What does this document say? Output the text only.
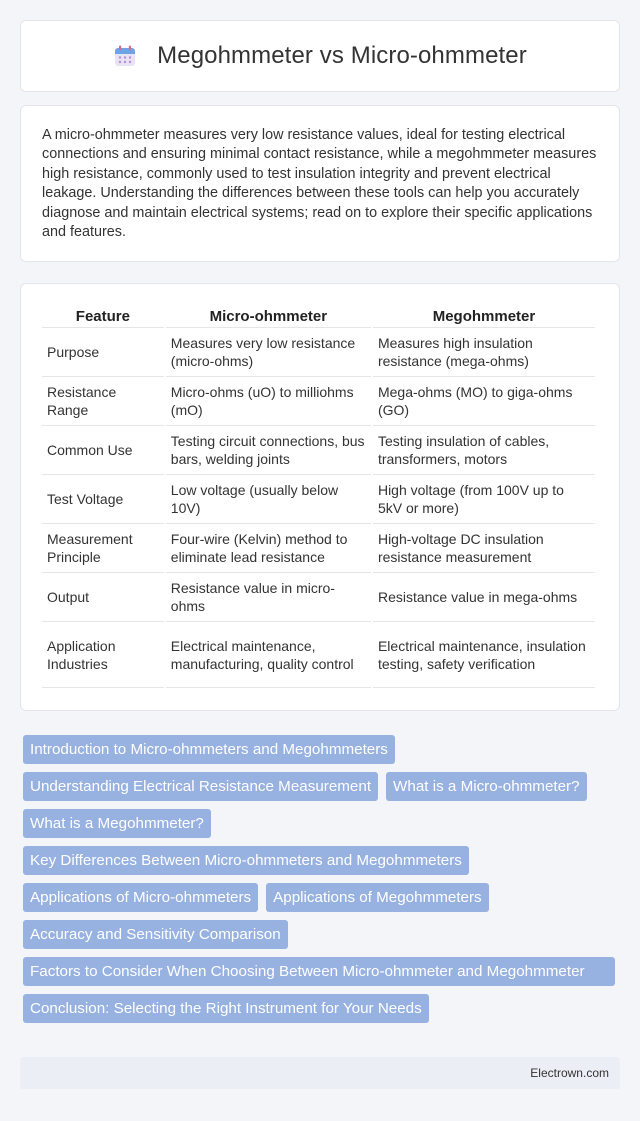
Megohmmeter vs Micro-ohmmeter

A micro-ohmmeter measures very low resistance values, ideal for testing electrical connections and ensuring minimal contact resistance, while a megohmmeter measures high resistance, commonly used to test insulation integrity and prevent electrical leakage. Understanding the differences between these tools can help you accurately diagnose and maintain electrical systems; read on to explore their specific applications and features.

Feature	Micro-ohmmeter	Megohmmeter
Purpose	Measures very low resistance (micro-ohms)	Measures high insulation resistance (mega-ohms)
Resistance Range	Micro-ohms (uO) to milliohms (mO)	Mega-ohms (MO) to giga-ohms (GO)
Common Use	Testing circuit connections, bus bars, welding joints	Testing insulation of cables, transformers, motors
Test Voltage	Low voltage (usually below 10V)	High voltage (from 100V up to 5kV or more)
Measurement Principle	Four-wire (Kelvin) method to eliminate lead resistance	High-voltage DC insulation resistance measurement
Output	Resistance value in micro-ohms	Resistance value in mega-ohms
Application Industries	Electrical maintenance, manufacturing, quality control	Electrical maintenance, insulation testing, safety verification
Introduction to Micro-ohmmeters and Megohmmeters
Understanding Electrical Resistance Measurement	What is a Micro-ohmmeter?
What is a Megohmmeter?
Key Differences Between Micro-ohmmeters and Megohmmeters
Applications of Micro-ohmmeters	Applications of Megohmmeters
Accuracy and Sensitivity Comparison
Factors to Consider When Choosing Between Micro-ohmmeter and Megohmmeter
Conclusion: Selecting the Right Instrument for Your Needs
Electrown.com
